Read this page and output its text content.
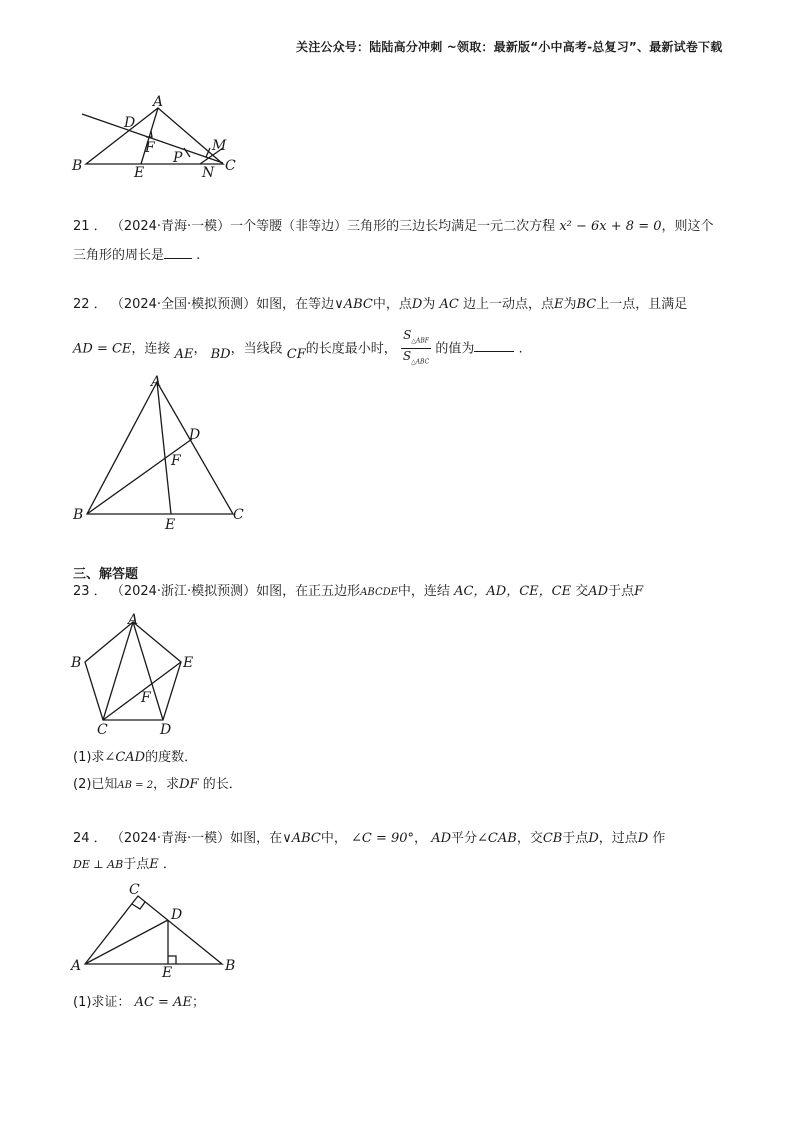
关注公众号：陆陆高分冲刺 ~领取：最新版“小中高考-总复习”、最新试卷下载
A
D
F
P
M
B	E	N C
21 ． （2024·青海·一模）一个等腰（非等边）三角形的三边长均满足一元二次方程 x² − 6x + 8 = 0，则这个
三角形的周长是 .
22 ． （2024·全国·模拟预测）如图，在等边∨ABC中，点D为 AC 边上一动点，点E为BC上一点，且满足
AD = CE，连接 AE， BD，当线段 CF的长度最小时， $\frac{S_{\triangle ABF}}{S_{\triangle ABC}}$ 的值为	.
A
D
F
B
E
C
三、解答题
23 ． （2024·浙江·模拟预测）如图，在正五边形ABCDE中，连结 AC，AD，CE，CE 交AD于点F
A
B	E
F
C	D
(1)求∠CAD的度数．
(2)已知AB = 2，求DF 的长．
24 ． （2024·青海·一模）如图，在∨ABC中， ∠C = 90°， AD平分∠CAB，交CB于点D，过点D 作
DE ⊥ AB于点E ．
C
D
A	E	B
(1)求证： AC = AE；
